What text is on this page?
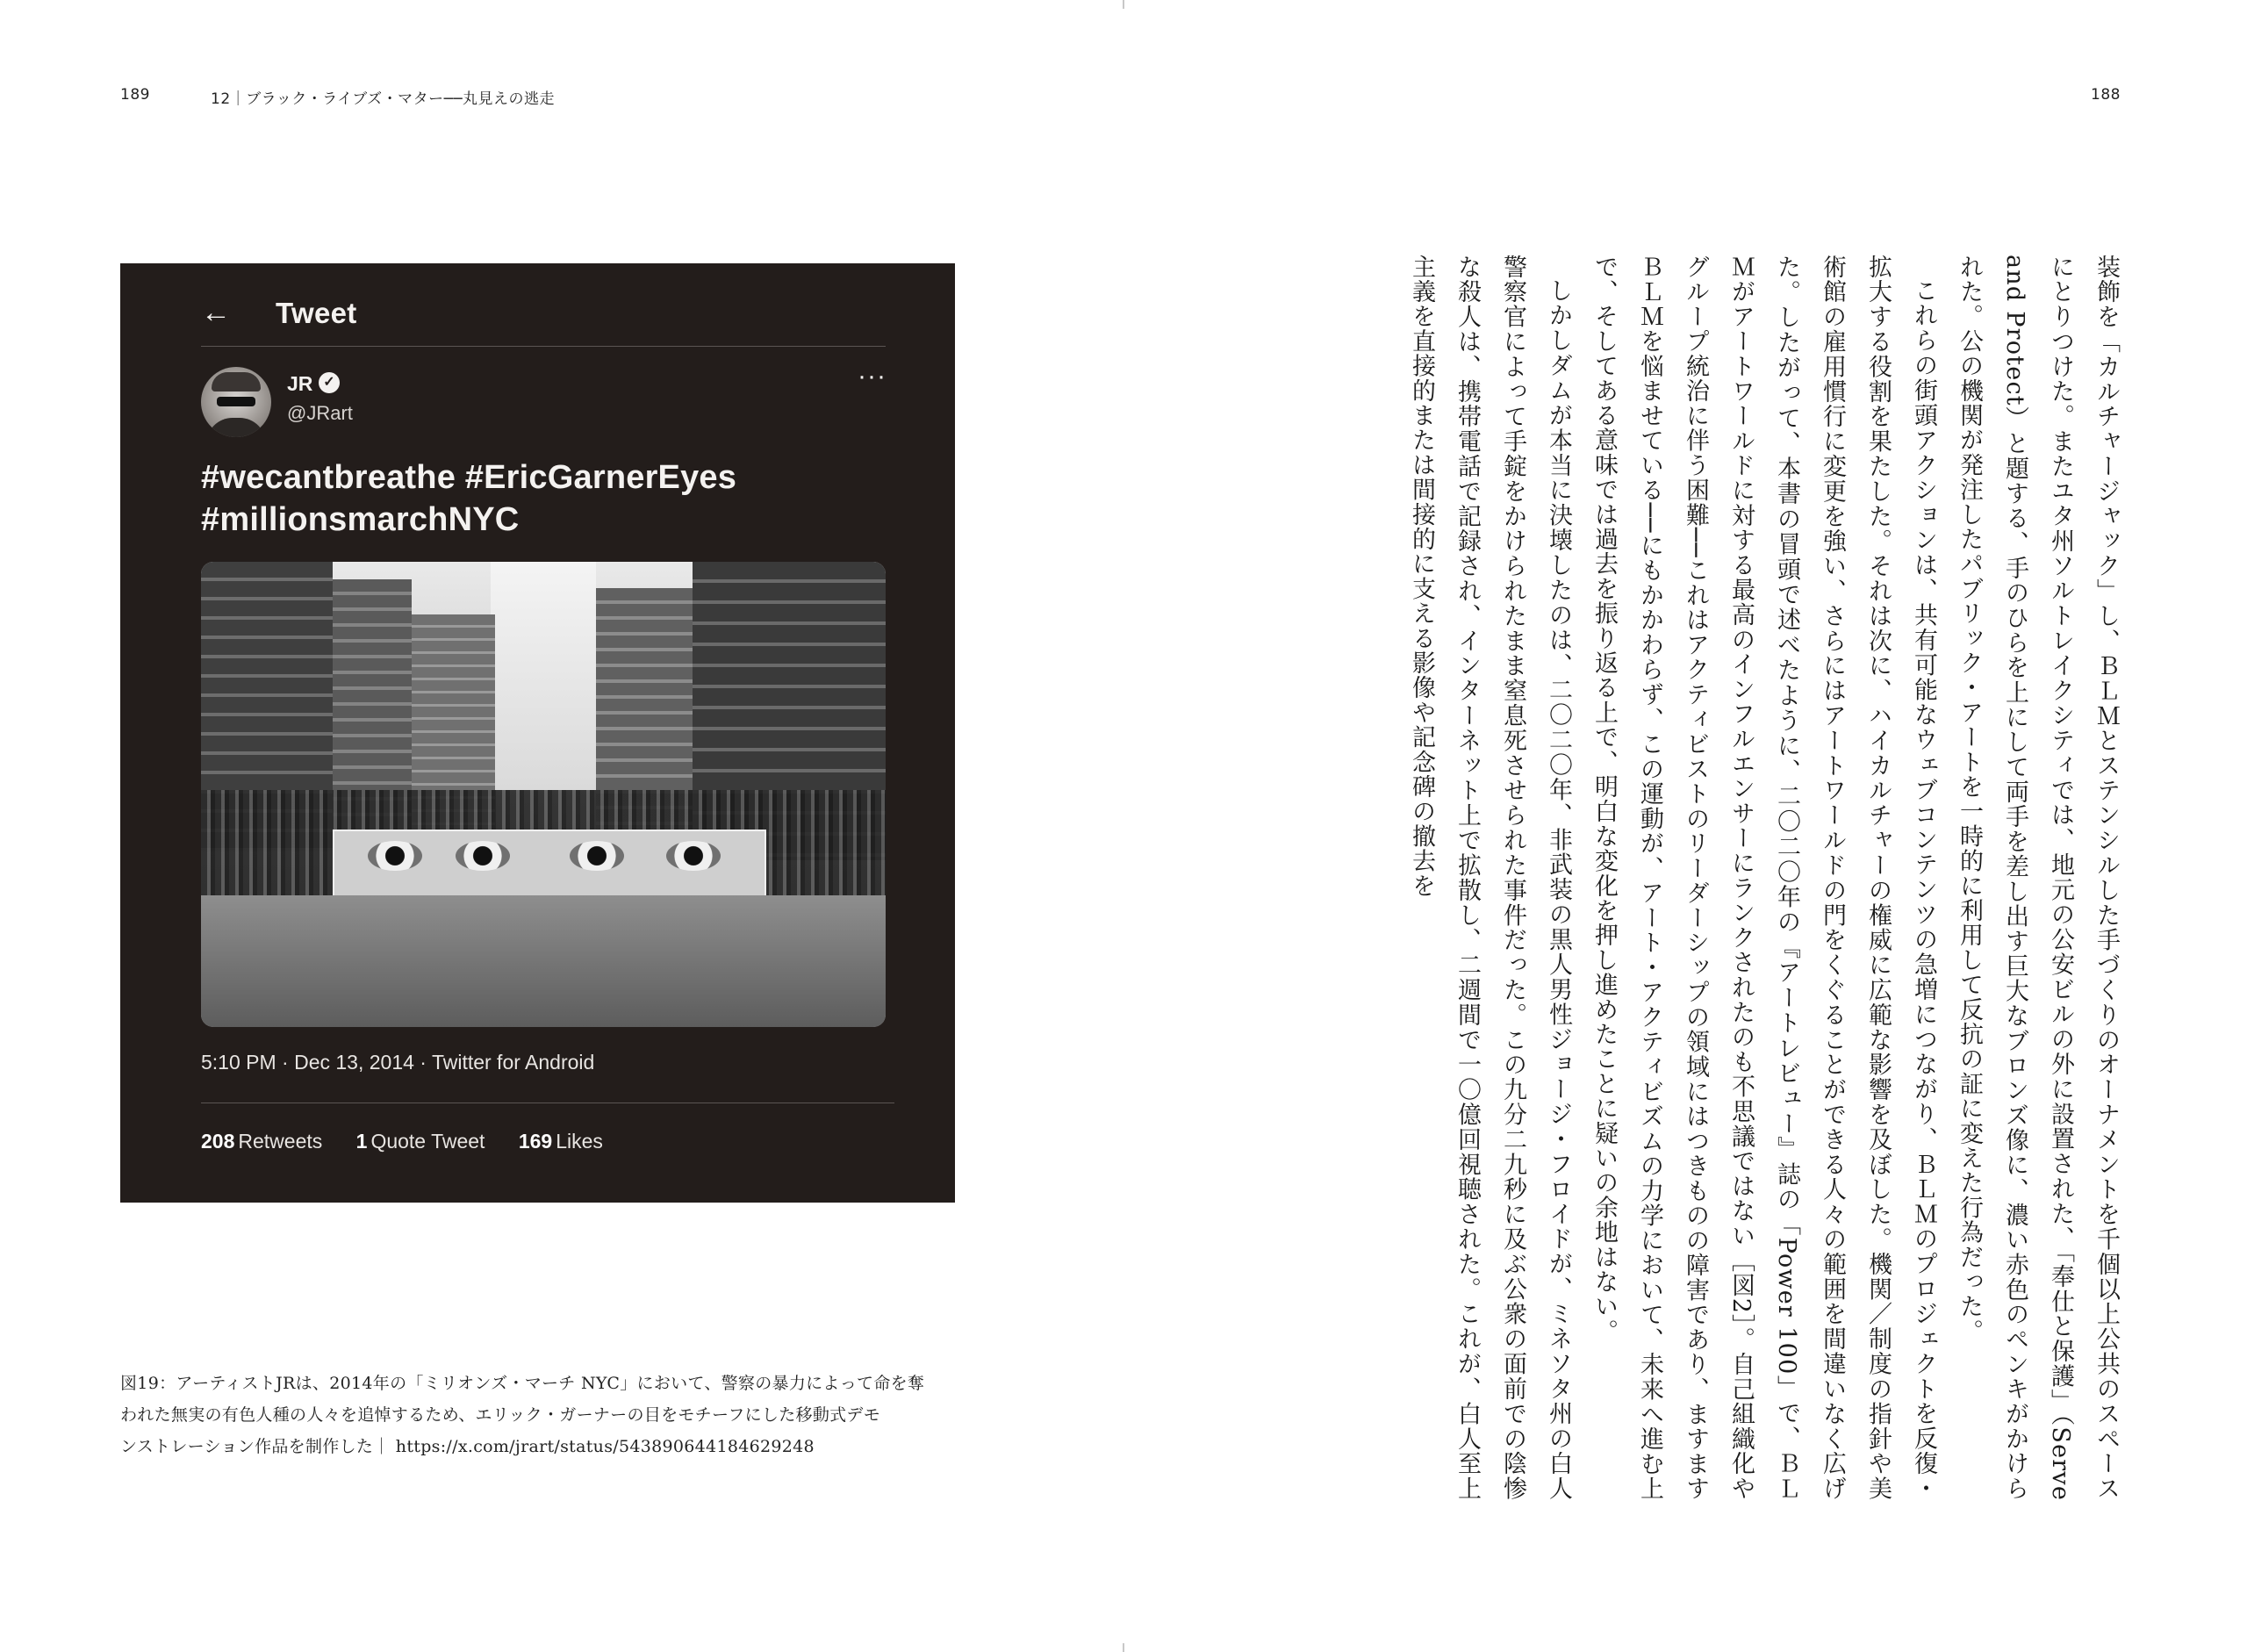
189	12｜ブラック・ライブズ・マター──丸見えの逃走	188
← Tweet
JR ✓
@JRart
···
#wecantbreathe #EricGarnerEyes
#millionsmarchNYC
5:10 PM · Dec 13, 2014 · Twitter for Android
208 Retweets 1 Quote Tweet 169 Likes
図19：アーティストJRは、2014年の「ミリオンズ・マーチ NYC」において、警察の暴力によって命を奪
われた無実の有色人種の人々を追悼するため、エリック・ガーナーの目をモチーフにした移動式デモ
ンストレーション作品を制作した｜ https://x.com/jrart/status/543890644184629248	装飾を「カルチャージャック」し、ＢＬＭとステンシルした手づくりのオーナメントを千個以上公共のスペースにとりつけた。またユタ州ソルトレイクシティでは、地元の公安ビルの外に設置された、「奉仕と保護」（Serve and Protect）と題する、手のひらを上にして両手を差し出す巨大なブロンズ像に、濃い赤色のペンキがかけられた。公の機関が発注したパブリック・アートを一時的に利用して反抗の証に変えた行為だった。

これらの街頭アクションは、共有可能なウェブコンテンツの急増につながり、ＢＬＭのプロジェクトを反復・拡大する役割を果たした。それは次に、ハイカルチャーの権威に広範な影響を及ぼした。機関／制度の指針や美術館の雇用慣行に変更を強い、さらにはアートワールドの門をくぐることができる人々の範囲を間違いなく広げた。したがって、本書の冒頭で述べたように、二〇二〇年の『アートレビュー』誌の「Power 100」で、ＢＬＭがアートワールドに対する最高のインフルエンサーにランクされたのも不思議ではない［図2］。自己組織化やグループ統治に伴う困難──これはアクティビストのリーダーシップの領域にはつきものの障害であり、ますますＢＬＭを悩ませている──にもかかわらず、この運動が、アート・アクティビズムの力学において、未来へ進む上で、そしてある意味では過去を振り返る上で、明白な変化を押し進めたことに疑いの余地はない。

しかしダムが本当に決壊したのは、二〇二〇年、非武装の黒人男性ジョージ・フロイドが、ミネソタ州の白人警察官によって手錠をかけられたまま窒息死させられた事件だった。この九分二九秒に及ぶ公衆の面前での陰惨な殺人は、携帯電話で記録され、インターネット上で拡散し、二週間で一〇億回視聴された。これが、白人至上主義を直接的または間接的に支える影像や記念碑の撤去を
